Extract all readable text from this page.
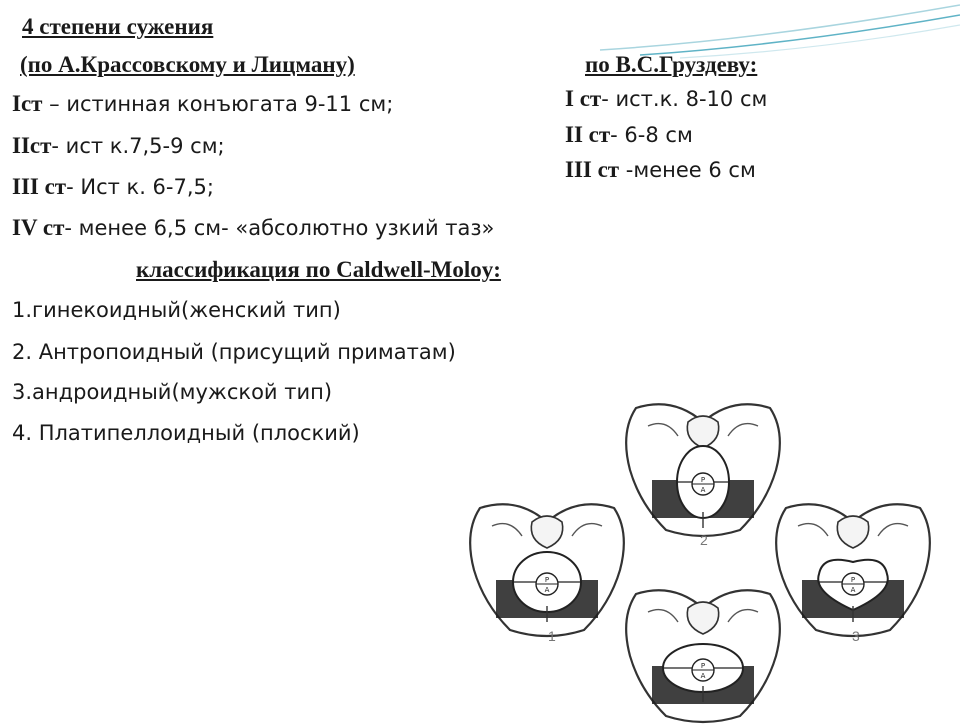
4 степени сужения
(по А.Крассовскому и Лицману)	по В.С.Груздеву:
Iст – истинная конъюгата 9-11 см;
IIст- ист к.7,5-9 см;
III ст- Ист к. 6-7,5;
IV ст- менее 6,5 см- «абсолютно узкий таз»
I ст- ист.к. 8-10 см
II ст- 6-8 см
III ст -менее 6 см
классификация по Caldwell-Moloy:
1.гинекоидный(женский тип)
2. Антропоидный (присущий приматам)
3.андроидный(мужской тип)
4. Платипеллоидный (плоский)
P
A
P
A
P
A
P
A
1
2
3
